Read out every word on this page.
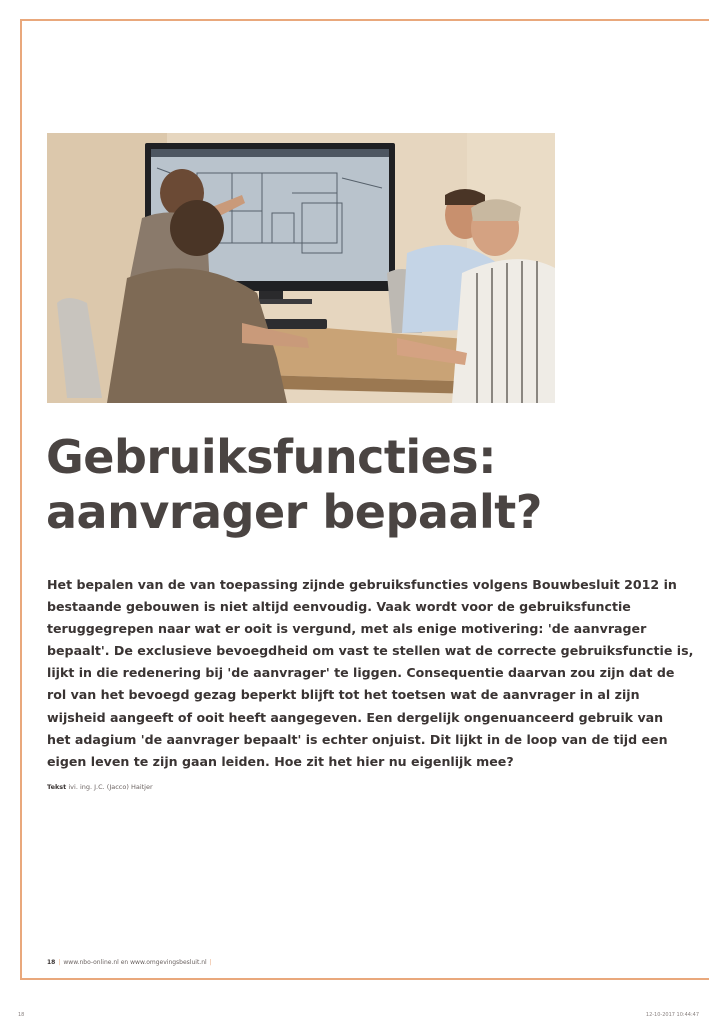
Gebruiksfuncties:
aanvrager bepaalt?
Het bepalen van de van toepassing zijnde gebruiksfuncties volgens Bouwbesluit 2012 in
bestaande gebouwen is niet altijd eenvoudig. Vaak wordt voor de gebruiksfunctie
teruggegrepen naar wat er ooit is vergund, met als enige motivering: 'de aanvrager
bepaalt'. De exclusieve bevoegdheid om vast te stellen wat de correcte gebruiksfunctie is,
lijkt in die redenering bij 'de aanvrager' te liggen. Consequentie daarvan zou zijn dat de
rol van het bevoegd gezag beperkt blijft tot het toetsen wat de aanvrager in al zijn
wijsheid aangeeft of ooit heeft aangegeven. Een dergelijk ongenuanceerd gebruik van
het adagium 'de aanvrager bepaalt' is echter onjuist. Dit lijkt in de loop van de tijd een
eigen leven te zijn gaan leiden. Hoe zit het hier nu eigenlijk mee?
Tekst ivi. ing. J.C. (Jacco) Haitjer
18 | www.nbo-online.nl en www.omgevingsbesluit.nl |
18	12-10-2017 10:44:47
